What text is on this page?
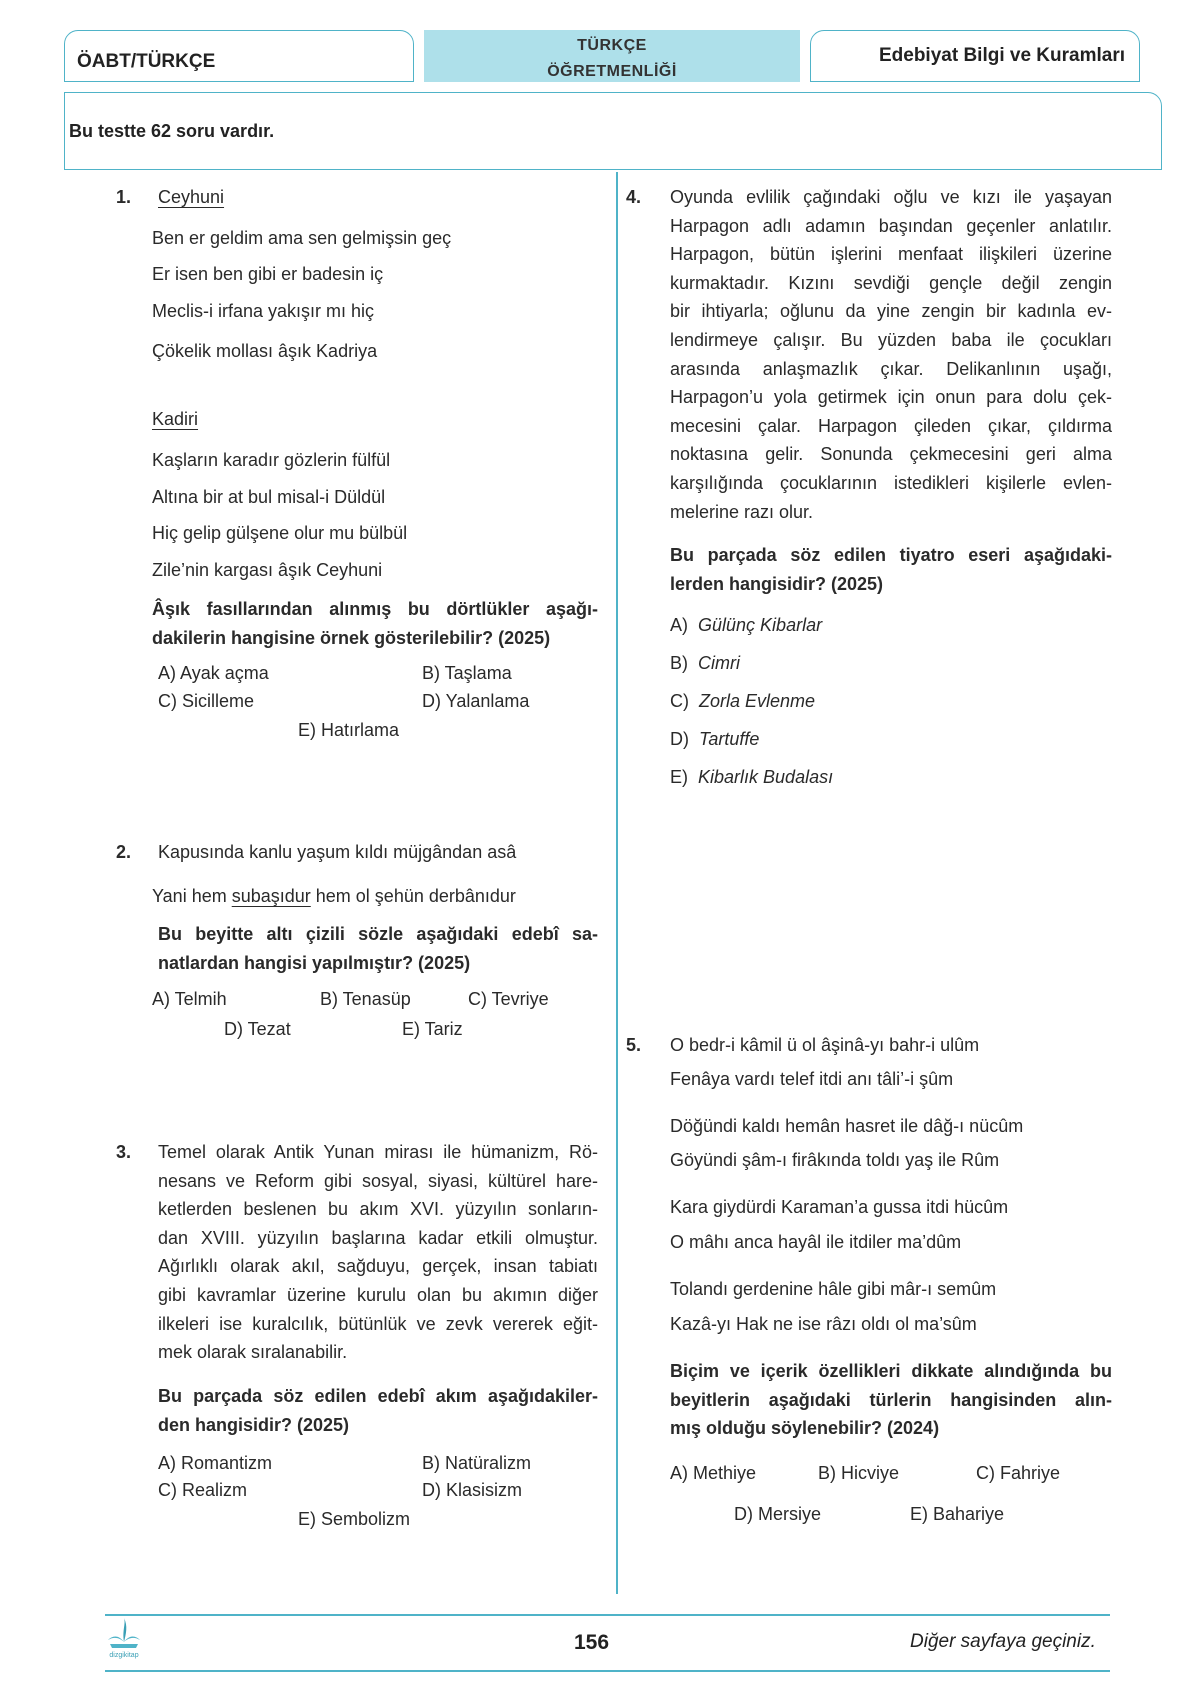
ÖABT/TÜRKÇE
TÜRKÇE
ÖĞRETMENLİĞİ
Edebiyat Bilgi ve Kuramları
Bu testte 62 soru vardır.
1. Ceyhuni
Ben er geldim ama sen gelmişsin geç
Er isen ben gibi er badesin iç
Meclis-i irfana yakışır mı hiç
Çökelik mollası âşık Kadriya
Kadiri
Kaşların karadır gözlerin fülfül
Altına bir at bul misal-i Düldül
Hiç gelip gülşene olur mu bülbül
Zile’nin kargası âşık Ceyhuni
Âşık fasıllarından alınmış bu dörtlükler aşağı-
dakilerin hangisine örnek gösterilebilir? (2025)
A) Ayak açma	B) Taşlama
C) Sicilleme	D) Yalanlama
E) Hatırlama
2. Kapusında kanlu yaşum kıldı müjgândan asâ
Yani hem subaşıdur hem ol şehün derbânıdur
Bu beyitte altı çizili sözle aşağıdaki edebî sa-
natlardan hangisi yapılmıştır? (2025)
A) Telmih	B) Tenasüp	C) Tevriye
D) Tezat	E) Tariz
3. Temel olarak Antik Yunan mirası ile hümanizm, Rö-
nesans ve Reform gibi sosyal, siyasi, kültürel hare-
ketlerden beslenen bu akım XVI. yüzyılın sonların-
dan XVIII. yüzyılın başlarına kadar etkili olmuştur.
Ağırlıklı olarak akıl, sağduyu, gerçek, insan tabiatı
gibi kavramlar üzerine kurulu olan bu akımın diğer
ilkeleri ise kuralcılık, bütünlük ve zevk vererek eğit-
mek olarak sıralanabilir.
Bu parçada söz edilen edebî akım aşağıdakiler-
den hangisidir? (2025)
A) Romantizm	B) Natüralizm
C) Realizm	D) Klasisizm
E) Sembolizm
4. Oyunda evlilik çağındaki oğlu ve kızı ile yaşayan
Harpagon adlı adamın başından geçenler anlatılır.
Harpagon, bütün işlerini menfaat ilişkileri üzerine
kurmaktadır. Kızını sevdiği gençle değil zengin
bir ihtiyarla; oğlunu da yine zengin bir kadınla ev-
lendirmeye çalışır. Bu yüzden baba ile çocukları
arasında anlaşmazlık çıkar. Delikanlının uşağı,
Harpagon’u yola getirmek için onun para dolu çek-
mecesini çalar. Harpagon çileden çıkar, çıldırma
noktasına gelir. Sonunda çekmecesini geri alma
karşılığında çocuklarının istedikleri kişilerle evlen-
melerine razı olur.
Bu parçada söz edilen tiyatro eseri aşağıdaki-
lerden hangisidir? (2025)
A) Gülünç Kibarlar
B) Cimri
C) Zorla Evlenme
D) Tartuffe
E) Kibarlık Budalası
5. O bedr-i kâmil ü ol âşinâ-yı bahr-i ulûm
Fenâya vardı telef itdi anı tâli’-i şûm
Döğündi kaldı hemân hasret ile dâğ-ı nücûm
Göyündi şâm-ı firâkında toldı yaş ile Rûm
Kara giydürdi Karaman’a gussa itdi hücûm
O mâhı anca hayâl ile itdiler ma’dûm
Tolandı gerdenine hâle gibi mâr-ı semûm
Kazâ-yı Hak ne ise râzı oldı ol ma’sûm
Biçim ve içerik özellikleri dikkate alındığında bu
beyitlerin aşağıdaki türlerin hangisinden alın-
mış olduğu söylenebilir? (2024)
A) Methiye	B) Hicviye	C) Fahriye
D) Mersiye	E) Bahariye
dizgikitap
156	Diğer sayfaya geçiniz.
